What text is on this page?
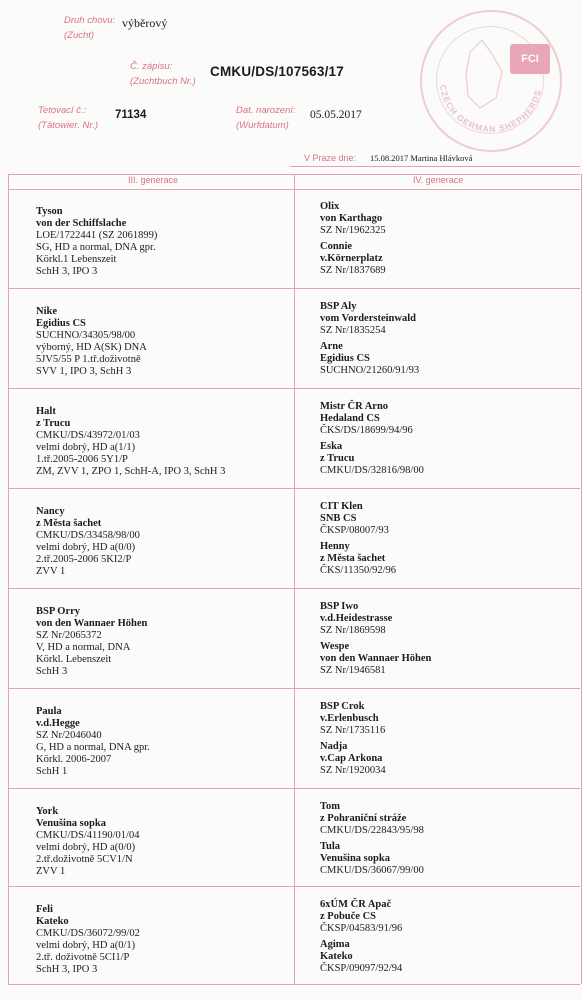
Druh chovu:
(Zucht)
výběrový
Č. zápisu:
(Zuchtbuch Nr.)
CMKU/DS/107563/17
Tetovací č.:
(Tätowier. Nr.)
71134	Dat. narození:
(Wurfdatum)
05.05.2017
V Praze dne: 15.08.2017 Martina Hlávková
FCI
CZECH GERMAN SHEPHERDS
III. generace	IV. generace
Tyson
von der Schiffslache
LOE/1722441 (SZ 2061899)
SG, HD a normal, DNA gpr.
Körkl.1 Lebenszeit
SchH 3, IPO 3
Olix
von Karthago
SZ Nr/1962325
Connie
v.Körnerplatz
SZ Nr/1837689
Nike
Egidius CS
SUCHNO/34305/98/00
výborný, HD A(SK) DNA
5JV5/55 P 1.tř.doživotně
SVV 1, IPO 3, SchH 3
BSP Aly
vom Vordersteinwald
SZ Nr/1835254
Arne
Egidius CS
SUCHNO/21260/91/93
Halt
z Trucu
CMKU/DS/43972/01/03
velmi dobrý, HD a(1/1)
1.tř.2005-2006 5Y1/P
ZM, ZVV 1, ZPO 1, SchH-A, IPO 3, SchH 3
Mistr ČR Arno
Hedaland CS
ČKS/DS/18699/94/96
Eska
z Trucu
CMKU/DS/32816/98/00
Nancy
z Města šachet
CMKU/DS/33458/98/00
velmi dobrý, HD a(0/0)
2.tř.2005-2006 5KI2/P
ZVV 1
CIT Klen
SNB CS
ČKSP/08007/93
Henny
z Města šachet
ČKS/11350/92/96
BSP Orry
von den Wannaer Höhen
SZ Nr/2065372
V, HD a normal, DNA
Körkl. Lebenszeit
SchH 3
BSP Iwo
v.d.Heidestrasse
SZ Nr/1869598
Wespe
von den Wannaer Höhen
SZ Nr/1946581
Paula
v.d.Hegge
SZ Nr/2046040
G, HD a normal, DNA gpr.
Körkl. 2006-2007
SchH 1
BSP Crok
v.Erlenbusch
SZ Nr/1735116
Nadja
v.Cap Arkona
SZ Nr/1920034
York
Venušina sopka
CMKU/DS/41190/01/04
velmi dobrý, HD a(0/0)
2.tř.doživotně 5CV1/N
ZVV 1
Tom
z Pohraniční stráže
CMKU/DS/22843/95/98
Tula
Venušina sopka
CMKU/DS/36067/99/00
Feli
Kateko
CMKU/DS/36072/99/02
velmi dobrý, HD a(0/1)
2.tř. doživotně 5CI1/P
SchH 3, IPO 3
6xÚM ČR Apač
z Pobuče CS
ČKSP/04583/91/96
Agima
Kateko
ČKSP/09097/92/94
